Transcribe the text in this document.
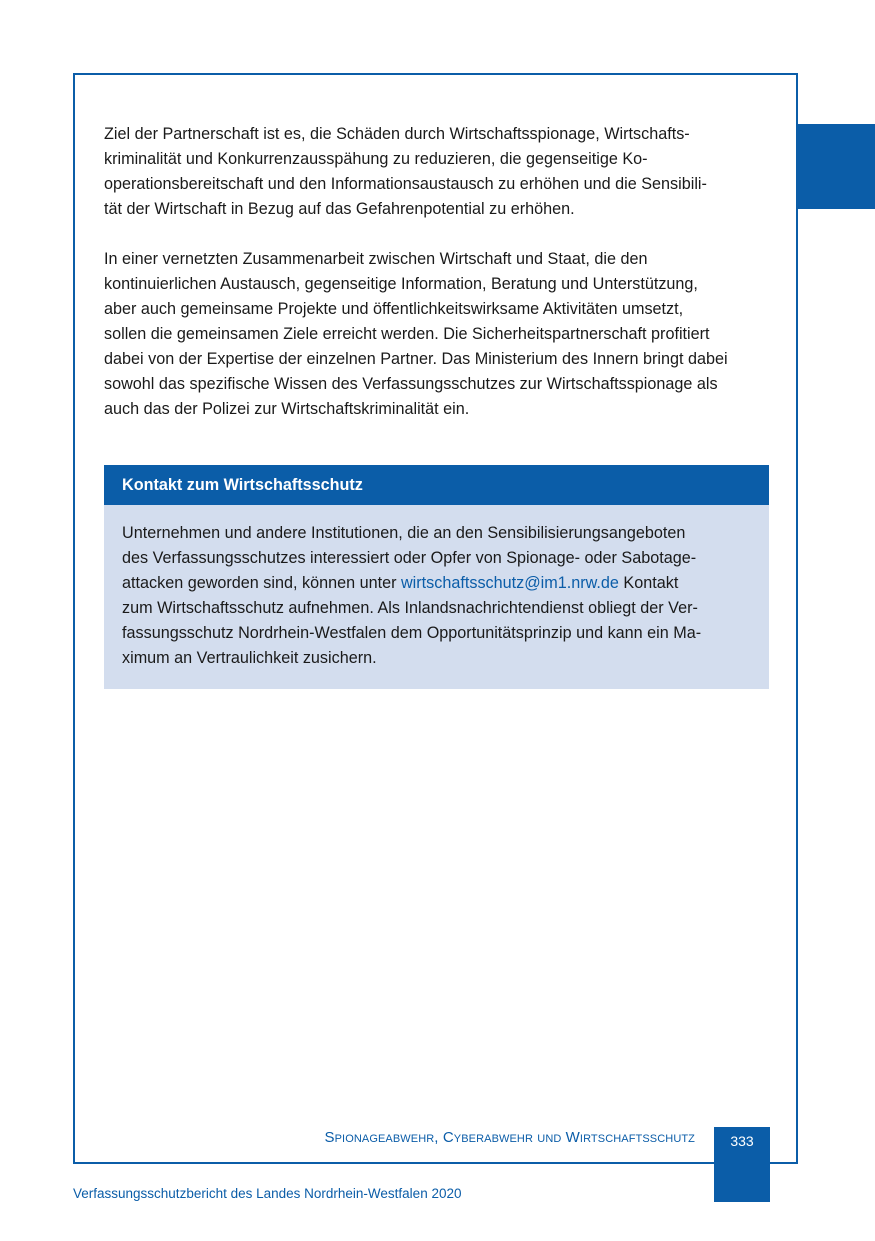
Ziel der Partnerschaft ist es, die Schäden durch Wirtschaftsspionage, Wirtschafts-
kriminalität und Konkurrenzausspähung zu reduzieren, die gegenseitige Ko-
operationsbereitschaft und den Informationsaustausch zu erhöhen und die Sensibili-
tät der Wirtschaft in Bezug auf das Gefahrenpotential zu erhöhen.

In einer vernetzten Zusammenarbeit zwischen Wirtschaft und Staat, die den
kontinuierlichen Austausch, gegenseitige Information, Beratung und Unterstützung,
aber auch gemeinsame Projekte und öffentlichkeitswirksame Aktivitäten umsetzt,
sollen die gemeinsamen Ziele erreicht werden. Die Sicherheitspartnerschaft profitiert
dabei von der Expertise der einzelnen Partner. Das Ministerium des Innern bringt dabei
sowohl das spezifische Wissen des Verfassungsschutzes zur Wirtschaftsspionage als
auch das der Polizei zur Wirtschaftskriminalität ein.

Kontakt zum Wirtschaftsschutz
Unternehmen und andere Institutionen, die an den Sensibilisierungsangeboten
des Verfassungsschutzes interessiert oder Opfer von Spionage- oder Sabotage-
attacken geworden sind, können unter wirtschaftsschutz@im1.nrw.de Kontakt
zum Wirtschaftsschutz aufnehmen. Als Inlandsnachrichtendienst obliegt der Ver-
fassungsschutz Nordrhein-Westfalen dem Opportunitätsprinzip und kann ein Ma-
ximum an Vertraulichkeit zusichern.
Spionageabwehr, Cyberabwehr und Wirtschaftsschutz	333
Verfassungsschutzbericht des Landes Nordrhein-Westfalen 2020
